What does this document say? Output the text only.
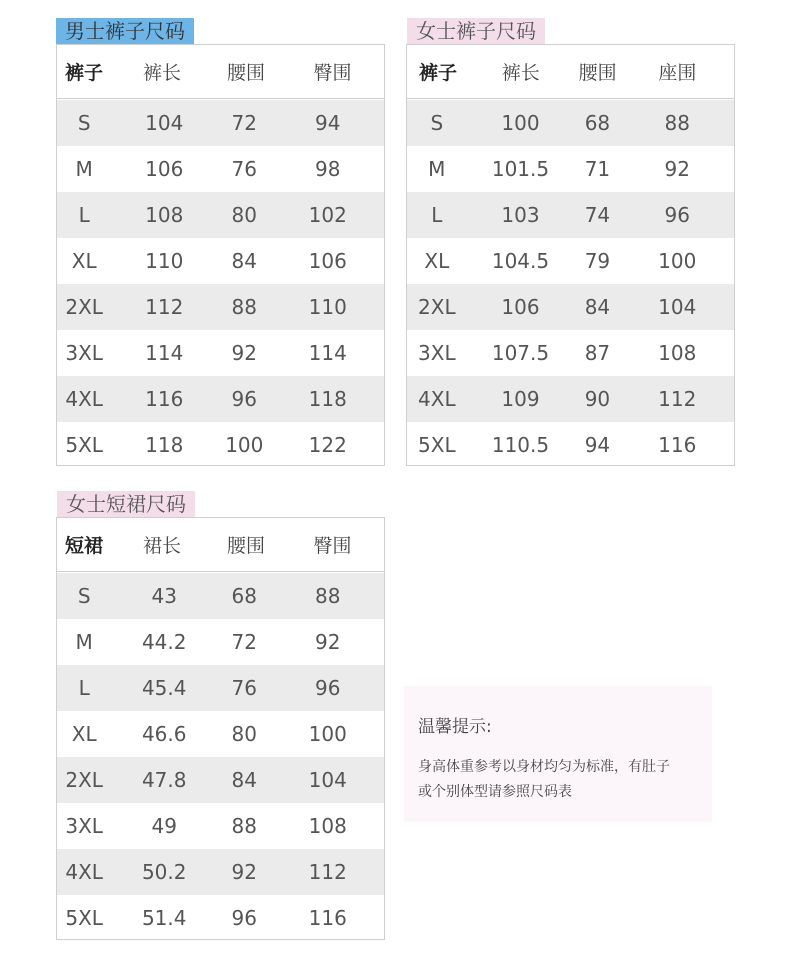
男士裤子尺码
裤子	裤长	腰围	臀围
S	104	72	94
M	106	76	98
L	108	80	102
XL	110	84	106
2XL	112	88	110
3XL	114	92	114
4XL	116	96	118
5XL	118	100	122
女士裤子尺码
裤子	裤长	腰围	座围
S	100	68	88
M	101.5	71	92
L	103	74	96
XL	104.5	79	100
2XL	106	84	104
3XL	107.5	87	108
4XL	109	90	112
5XL	110.5	94	116
女士短裙尺码
短裙	裙长	腰围	臀围
S	43	68	88
M	44.2	72	92
L	45.4	76	96
XL	46.6	80	100
2XL	47.8	84	104
3XL	49	88	108
4XL	50.2	92	112
5XL	51.4	96	116
温馨提示:
身高体重参考以身材均匀为标准，有肚子
或个别体型请参照尺码表
